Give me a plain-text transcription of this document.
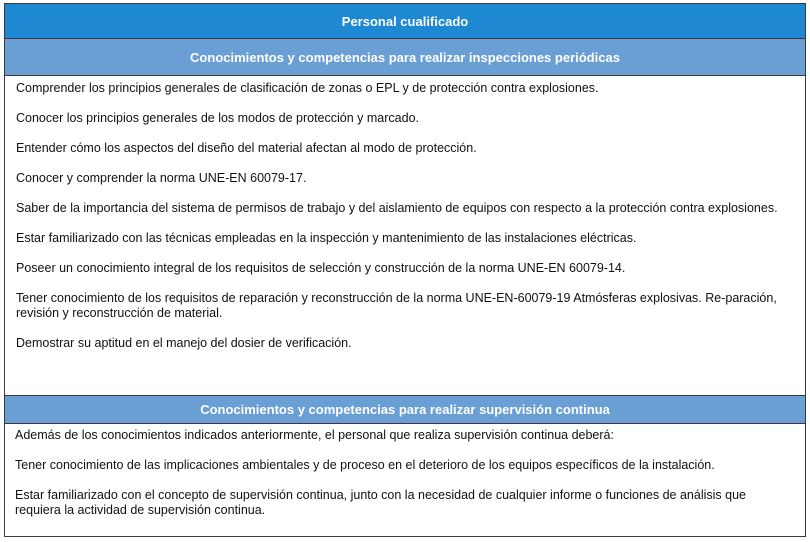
Personal cualificado
Conocimientos y competencias para realizar inspecciones periódicas
Comprender los principios generales de clasificación de zonas o EPL y de protección contra explosiones.
Conocer los principios generales de los modos de protección y marcado.
Entender cómo los aspectos del diseño del material afectan al modo de protección.
Conocer y comprender la norma UNE-EN 60079-17.
Saber de la importancia del sistema de permisos de trabajo y del aislamiento de equipos con respecto a la protección contra explosiones.
Estar familiarizado con las técnicas empleadas en la inspección y mantenimiento de las instalaciones eléctricas.
Poseer un conocimiento integral de los requisitos de selección y construcción de la norma UNE-EN 60079-14.
Tener conocimiento de los requisitos de reparación y reconstrucción de la norma UNE-EN-60079-19 Atmósferas explosivas. Re-paración, revisión y reconstrucción de material.
Demostrar su aptitud en el manejo del dosier de verificación.
Conocimientos y competencias para realizar supervisión continua
Además de los conocimientos indicados anteriormente, el personal que realiza supervisión continua deberá:
Tener conocimiento de las implicaciones ambientales y de proceso en el deterioro de los equipos específicos de la instalación.
Estar familiarizado con el concepto de supervisión continua, junto con la necesidad de cualquier informe o funciones de análisis que requiera la actividad de supervisión continua.
